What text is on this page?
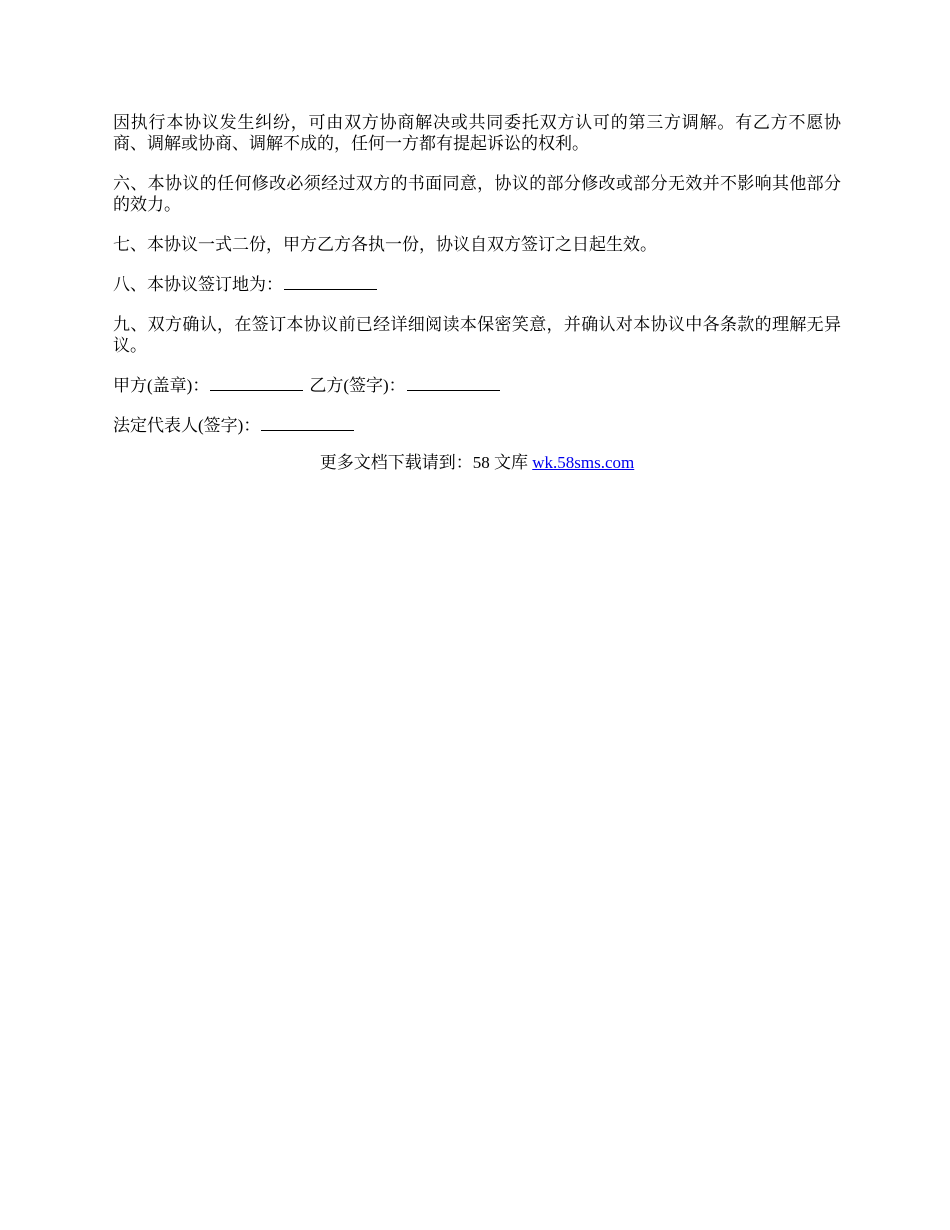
因执行本协议发生纠纷，可由双方协商解决或共同委托双方认可的第三方调解。有乙方不愿协商、调解或协商、调解不成的，任何一方都有提起诉讼的权利。

六、本协议的任何修改必须经过双方的书面同意，协议的部分修改或部分无效并不影响其他部分的效力。

七、本协议一式二份，甲方乙方各执一份，协议自双方签订之日起生效。

八、本协议签订地为：

九、双方确认，在签订本协议前已经详细阅读本保密笑意，并确认对本协议中各条款的理解无异议。

甲方(盖章)：	乙方(签字)：

法定代表人(签字)：

更多文档下载请到：58 文库 wk.58sms.com
